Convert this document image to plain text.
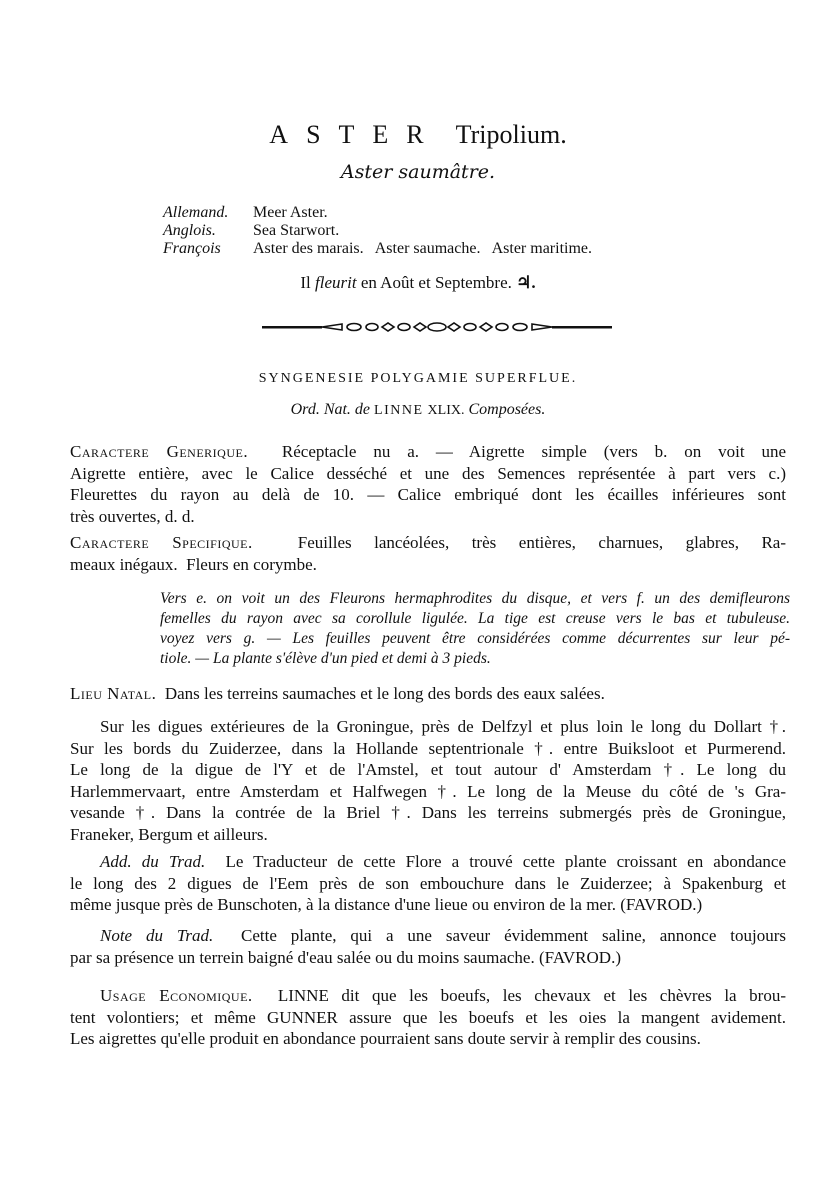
ASTER Tripolium.
Aster saumâtre.
Allemand.	Meer Aster.
Anglois.	Sea Starwort.
François	Aster des marais.   Aster saumache.   Aster maritime.
Il fleurit en Août et Septembre. ♃.
SYNGENESIE POLYGAMIE SUPERFLUE.
Ord. Nat. de LINNE XLIX. Composées.
Caractere Generique. Réceptacle nu a. — Aigrette simple (vers b. on voit une
Aigrette entière, avec le Calice desséché et une des Semences représentée à part vers c.)
Fleurettes du rayon au delà de 10. — Calice embriqué dont les écailles inférieures sont
très ouvertes, d. d.
Caractere Specifique.	Feuilles lancéolées, très entières, charnues, glabres, Ra-
meaux inégaux.  Fleurs en corymbe.
Vers e. on voit un des Fleurons hermaphrodites du disque, et vers f. un des demifleurons
femelles du rayon avec sa corollule ligulée. La tige est creuse vers le bas et tubuleuse.
voyez vers g. — Les feuilles peuvent être considérées comme décurrentes sur leur pé-
tiole. — La plante s'élève d'un pied et demi à 3 pieds.
Lieu Natal. Dans les terreins saumaches et le long des bords des eaux salées.
Sur les digues extérieures de la Groningue, près de Delfzyl et plus loin le long du Dollart †.
Sur les bords du Zuiderzee, dans la Hollande septentrionale †. entre Buiksloot et Purmerend.
Le long de la digue de l'Y et de l'Amstel, et tout autour d' Amsterdam †. Le long du
Harlemmervaart, entre Amsterdam et Halfwegen †. Le long de la Meuse du côté de 's Gra-
vesande †. Dans la contrée de la Briel †. Dans les terreins submergés près de Groningue,
Franeker, Bergum et ailleurs.
Add. du Trad. Le Traducteur de cette Flore a trouvé cette plante croissant en abondance
le long des 2 digues de l'Eem près de son embouchure dans le Zuiderzee; à Spakenburg et
même jusque près de Bunschoten, à la distance d'une lieue ou environ de la mer. (FAVROD.)
Note du Trad. Cette plante, qui a une saveur évidemment saline, annonce toujours
par sa présence un terrein baigné d'eau salée ou du moins saumache. (FAVROD.)
Usage Economique. LINNE dit que les boeufs, les chevaux et les chèvres la brou-
tent volontiers; et même GUNNER assure que les boeufs et les oies la mangent avidement.
Les aigrettes qu'elle produit en abondance pourraient sans doute servir à remplir des cousins.
